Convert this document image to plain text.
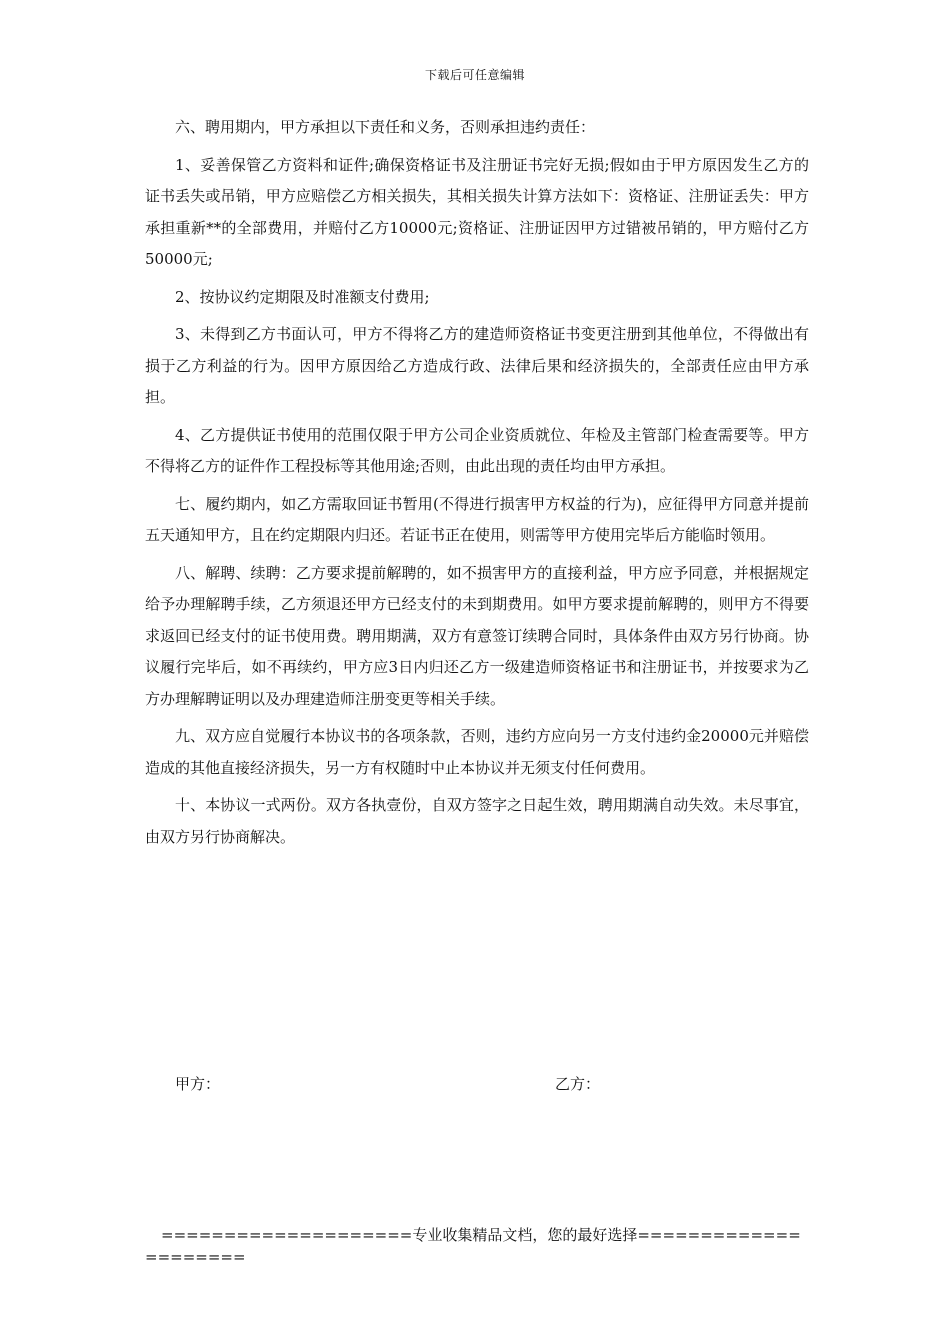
下载后可任意编辑

六、聘用期内，甲方承担以下责任和义务，否则承担违约责任：

1、妥善保管乙方资料和证件;确保资格证书及注册证书完好无损;假如由于甲方原因发生乙方的证书丢失或吊销，甲方应赔偿乙方相关损失，其相关损失计算方法如下：资格证、注册证丢失：甲方承担重新**的全部费用，并赔付乙方10000元;资格证、注册证因甲方过错被吊销的，甲方赔付乙方50000元;

2、按协议约定期限及时准额支付费用;

3、未得到乙方书面认可，甲方不得将乙方的建造师资格证书变更注册到其他单位，不得做出有损于乙方利益的行为。因甲方原因给乙方造成行政、法律后果和经济损失的，全部责任应由甲方承担。

4、乙方提供证书使用的范围仅限于甲方公司企业资质就位、年检及主管部门检查需要等。甲方不得将乙方的证件作工程投标等其他用途;否则，由此出现的责任均由甲方承担。

七、履约期内，如乙方需取回证书暂用(不得进行损害甲方权益的行为)，应征得甲方同意并提前五天通知甲方，且在约定期限内归还。若证书正在使用，则需等甲方使用完毕后方能临时领用。

八、解聘、续聘：乙方要求提前解聘的，如不损害甲方的直接利益，甲方应予同意，并根据规定给予办理解聘手续，乙方须退还甲方已经支付的未到期费用。如甲方要求提前解聘的，则甲方不得要求返回已经支付的证书使用费。聘用期满，双方有意签订续聘合同时，具体条件由双方另行协商。协议履行完毕后，如不再续约，甲方应3日内归还乙方一级建造师资格证书和注册证书，并按要求为乙方办理解聘证明以及办理建造师注册变更等相关手续。

九、双方应自觉履行本协议书的各项条款，否则，违约方应向另一方支付违约金20000元并赔偿造成的其他直接经济损失，另一方有权随时中止本协议并无须支付任何费用。

十、本协议一式两份。双方各执壹份，自双方签字之日起生效，聘用期满自动失效。未尽事宜，由双方另行协商解决。

甲方：	乙方：
====================专业收集精品文档，您的最好选择=====================
